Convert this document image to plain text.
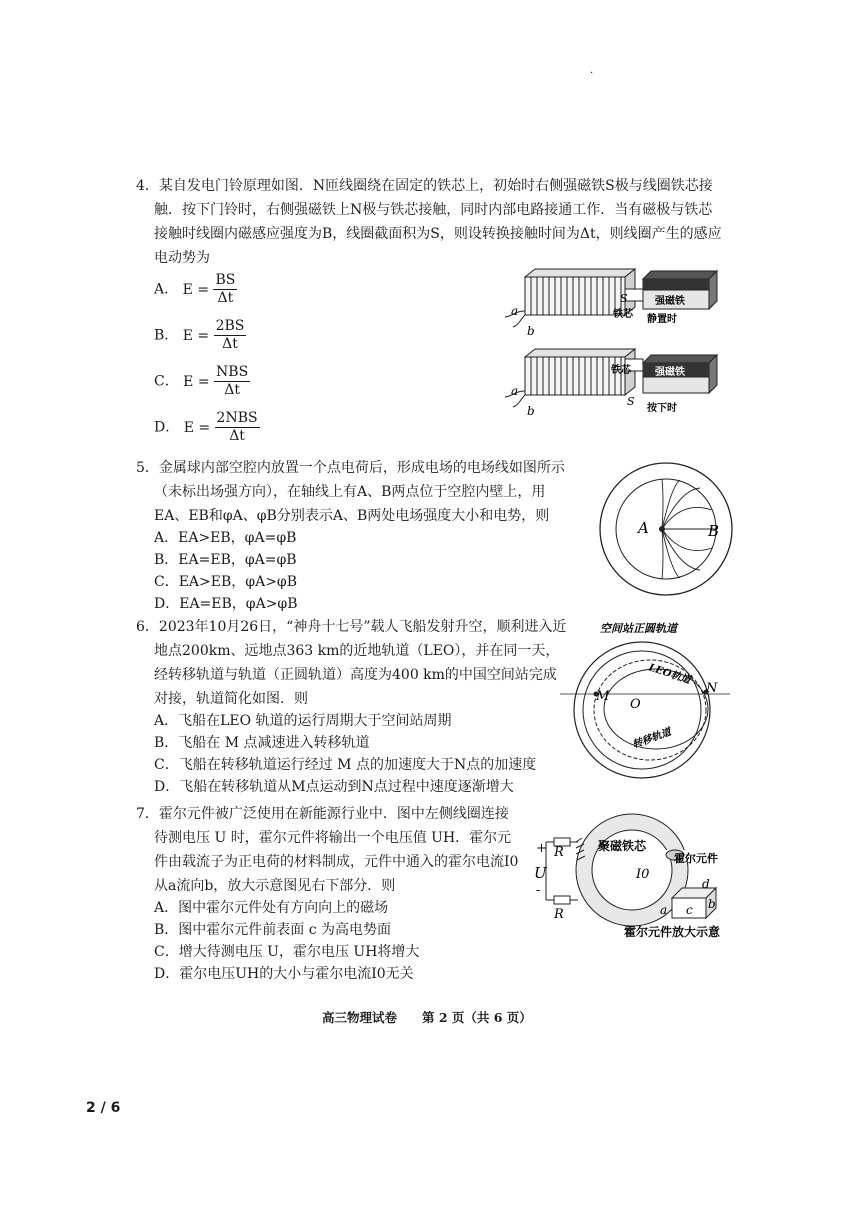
·
4．某自发电门铃原理如图．N匝线圈绕在固定的铁芯上，初始时右侧强磁铁S极与线圈铁芯接
触．按下门铃时，右侧强磁铁上N极与铁芯接触，同时内部电路接通工作．当有磁极与铁芯
接触时线圈内磁感应强度为B，线圈截面积为S，则设转换接触时间为Δt，则线圈产生的感应
电动势为
A． $E = \frac{BS}{\Delta t}$
B． $E = \frac{2BS}{\Delta t}$
C． $E = \frac{\text{NBS}}{\Delta t}$
D． $E = \frac{\text{2NBS}}{\Delta t}$
S	强磁铁
a
b
铁芯 静置时
强磁铁
S
a
b
铁芯
按下时
5．金属球内部空腔内放置一个点电荷后，形成电场的电场线如图所示
（未标出场强方向），在轴线上有A、B两点位于空腔内壁上，用
EA、EB和φA、φB分别表示A、B两处电场强度大小和电势，则
A．EA>EB，φA=φB
B．EA=EB，φA=φB
C．EA>EB，φA>φB
D．EA=EB，φA>φB
A	B
6．2023年10月26日，“神舟十七号”载人飞船发射升空，顺利进入近
地点200km、远地点363 km的近地轨道（LEO），并在同一天，
经转移轨道与轨道（正圆轨道）高度为400 km的中国空间站完成
对接，轨道简化如图．则
A．飞船在LEO 轨道的运行周期大于空间站周期
B．飞船在 M 点减速进入转移轨道
C．飞船在转移轨道运行经过 M 点的加速度大于N点的加速度
D．飞船在转移轨道从M点运动到N点过程中速度逐渐增大
空间站正圆轨道
M
N
O
LEO轨道
转移轨道
7．霍尔元件被广泛使用在新能源行业中．图中左侧线圈连接
待测电压 U 时，霍尔元件将输出一个电压值 UH．霍尔元
件由载流子为正电荷的材料制成，元件中通入的霍尔电流I0
从a流向b，放大示意图见右下部分．则
A．图中霍尔元件处有方向向上的磁场
B．图中霍尔元件前表面 c 为高电势面
C．增大待测电压 U，霍尔电压 UH将增大
D．霍尔电压UH的大小与霍尔电流I0无关
聚磁铁芯
霍尔元件
R
R
+
U
-
I0
a c b
d
霍尔元件放大示意
高三物理试卷　　第 2 页（共 6 页）
2 / 6
